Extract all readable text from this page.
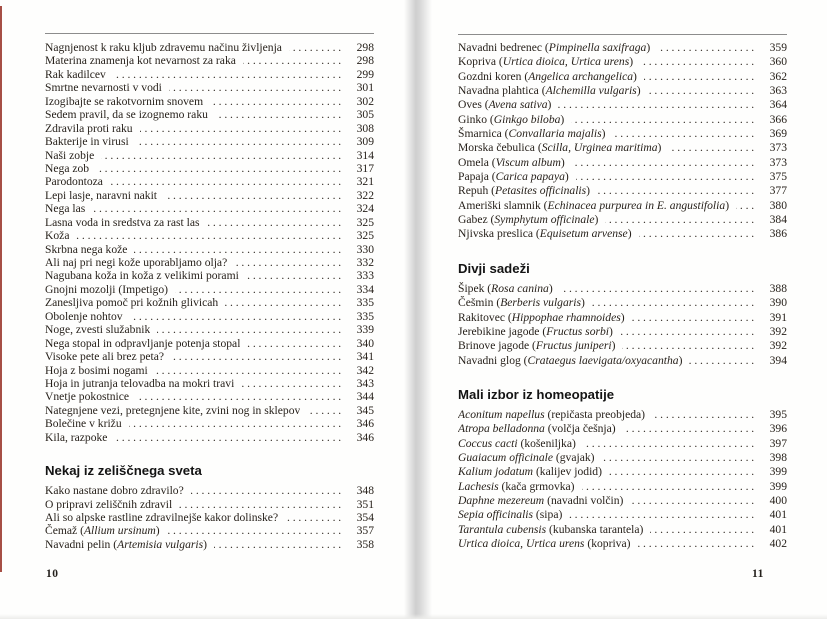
Nagnjenost k raku kljub zdravemu načinu življenja .....	298
Materina znamenja kot nevarnost za raka .....	298
Rak kadilcev .....	299
Smrtne nevarnosti v vodi .....	301
Izogibajte se rakotvornim snovem .....	302
Sedem pravil, da se izognemo raku .....	305
Zdravila proti raku .....	308
Bakterije in virusi .....	309
Naši zobje .....	314
Nega zob .....	317
Parodontoza .....	321
Lepi lasje, naravni nakit .....	322
Nega las .....	324
Lasna voda in sredstva za rast las .....	325
Koža .....	325
Skrbna nega kože .....	330
Ali naj pri negi kože uporabljamo olja? .....	332
Nagubana koža in koža z velikimi porami .....	333
Gnojni mozolji (Impetigo) .....	334
Zanesljiva pomoč pri kožnih glivicah .....	335
Obolenje nohtov .....	335
Noge, zvesti služabnik .....	339
Nega stopal in odpravljanje potenja stopal .....	340
Visoke pete ali brez peta? .....	341
Hoja z bosimi nogami .....	342
Hoja in jutranja telovadba na mokri travi .....	343
Vnetje pokostnice .....	344
Nategnjene vezi, pretegnjene kite, zvini nog in sklepov .....	345
Bolečine v križu .....	346
Kila, razpoke .....	346
Nekaj iz zeliščnega sveta
Kako nastane dobro zdravilo? .....	348
O pripravi zeliščnih zdravil .....	351
Ali so alpske rastline zdravilnejše kakor dolinske? .....	354
Čemaž (Allium ursinum) .....	357
Navadni pelin (Artemisia vulgaris) .....	358
10
Navadni bedrenec (Pimpinella saxifraga) .....	359
Kopriva (Urtica dioica, Urtica urens) .....	360
Gozdni koren (Angelica archangelica) .....	362
Navadna plahtica (Alchemilla vulgaris) .....	363
Oves (Avena sativa) .....	364
Ginko (Ginkgo biloba) .....	366
Šmarnica (Convallaria majalis) .....	369
Morska čebulica (Scilla, Urginea maritima) .....	373
Omela (Viscum album) .....	373
Papaja (Carica papaya) .....	375
Repuh (Petasites officinalis) .....	377
Ameriški slamnik (Echinacea purpurea in E. angustifolia) .....	380
Gabez (Symphytum officinale) .....	384
Njivska preslica (Equisetum arvense) .....	386
Divji sadeži
Šipek (Rosa canina) .....	388
Češmin (Berberis vulgaris) .....	390
Rakitovec (Hippophae rhamnoides) .....	391
Jerebikine jagode (Fructus sorbi) .....	392
Brinove jagode (Fructus juniperi) .....	392
Navadni glog (Crataegus laevigata/oxyacantha) .....	394
Mali izbor iz homeopatije
Aconitum napellus (repičasta preobjeda) .....	395
Atropa belladonna (volčja češnja) .....	396
Coccus cacti (košeniljka) .....	397
Guaiacum officinale (gvajak) .....	398
Kalium jodatum (kalijev jodid) .....	399
Lachesis (kača grmovka) .....	399
Daphne mezereum (navadni volčin) .....	400
Sepia officinalis (sipa) .....	401
Tarantula cubensis (kubanska tarantela) .....	401
Urtica dioica, Urtica urens (kopriva) .....	402
11
